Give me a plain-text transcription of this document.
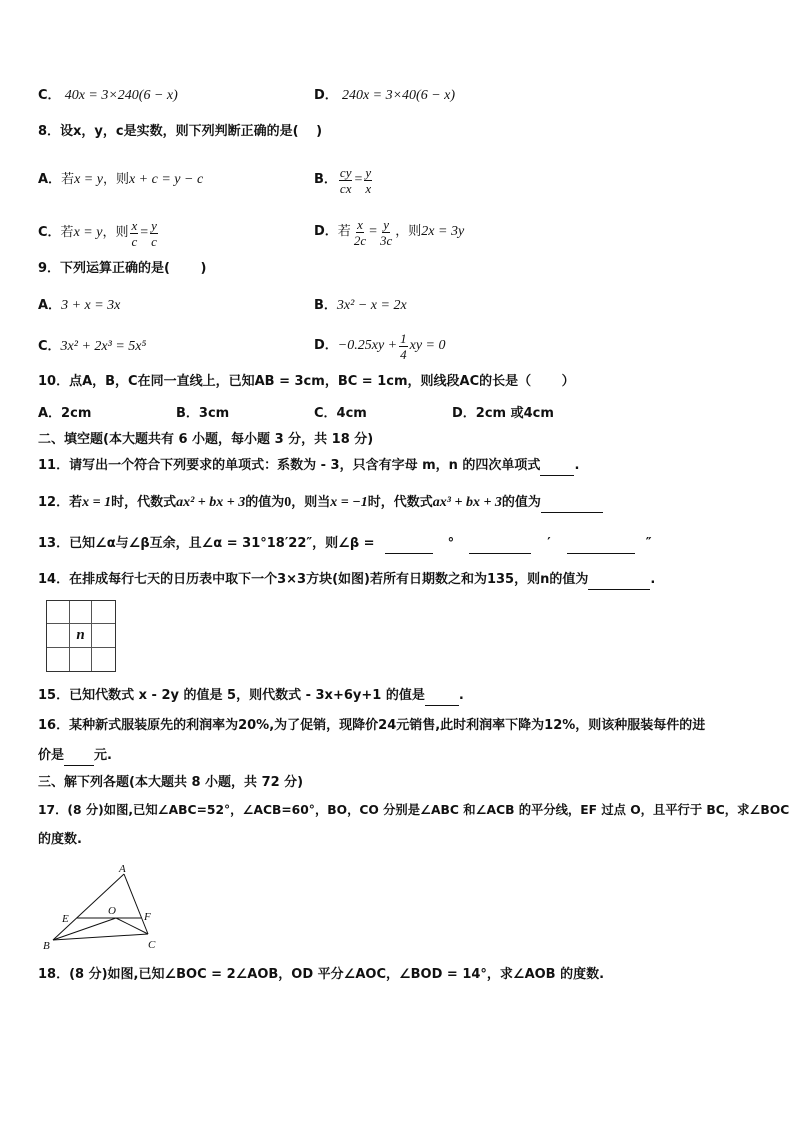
C． 40x = 3×240(6 − x)	D． 240x = 3×40(6 − x)
8．设x，y，c是实数，则下列判断正确的是(　 )
A．若x = y，则x + c = y − c	B． $\frac{cy}{cx} = \frac{y}{x}$
C． 若 x = y ，则 $\frac{x}{c} = \frac{y}{c}$	D． 若 $\frac{x}{2c} = \frac{y}{3c}$ ，则 2x = 3y
9．下列运算正确的是(　 　)
A．3 + x = 3x	B．3x² − x = 2x
C．3x² + 2x³ = 5x⁵	D． $-0.25xy + \frac{1}{4}$ xy = 0
10．点A，B，C在同一直线上，已知AB = 3cm，BC = 1cm，则线段AC的长是（　 　）
A．2cm	B．3cm	C．4cm	D．2cm 或4cm
二、填空题(本大题共有 6 小题，每小题 3 分，共 18 分)
11．请写出一个符合下列要求的单项式：系数为 - 3，只含有字母 m，n 的四次单项式	.
12．若x = 1时，代数式ax² + bx + 3的值为0，则当x = −1时，代数式ax³ + bx + 3的值为
13．已知∠α与∠β互余，且∠α = 31°18′22″，则∠β =	°	′	″
14．在排成每行七天的日历表中取下一个3×3方块(如图)若所有日期数之和为135，则n的值为	.
n
15．已知代数式 x - 2y 的值是 5，则代数式 - 3x+6y+1 的值是	.
16．某种新式服装原先的利润率为20%,为了促销，现降价24元销售,此时利润率下降为12%，则该种服装每件的进
价是 元.
三、解下列各题(本大题共 8 小题，共 72 分)
17．(8 分)如图,已知∠ABC=52°，∠ACB=60°，BO，CO 分别是∠ABC 和∠ACB 的平分线，EF 过点 O，且平行于 BC，求∠BOC
的度数.
A
E
O	F
B	C
18．(8 分)如图,已知∠BOC = 2∠AOB，OD 平分∠AOC，∠BOD = 14°，求∠AOB 的度数.
